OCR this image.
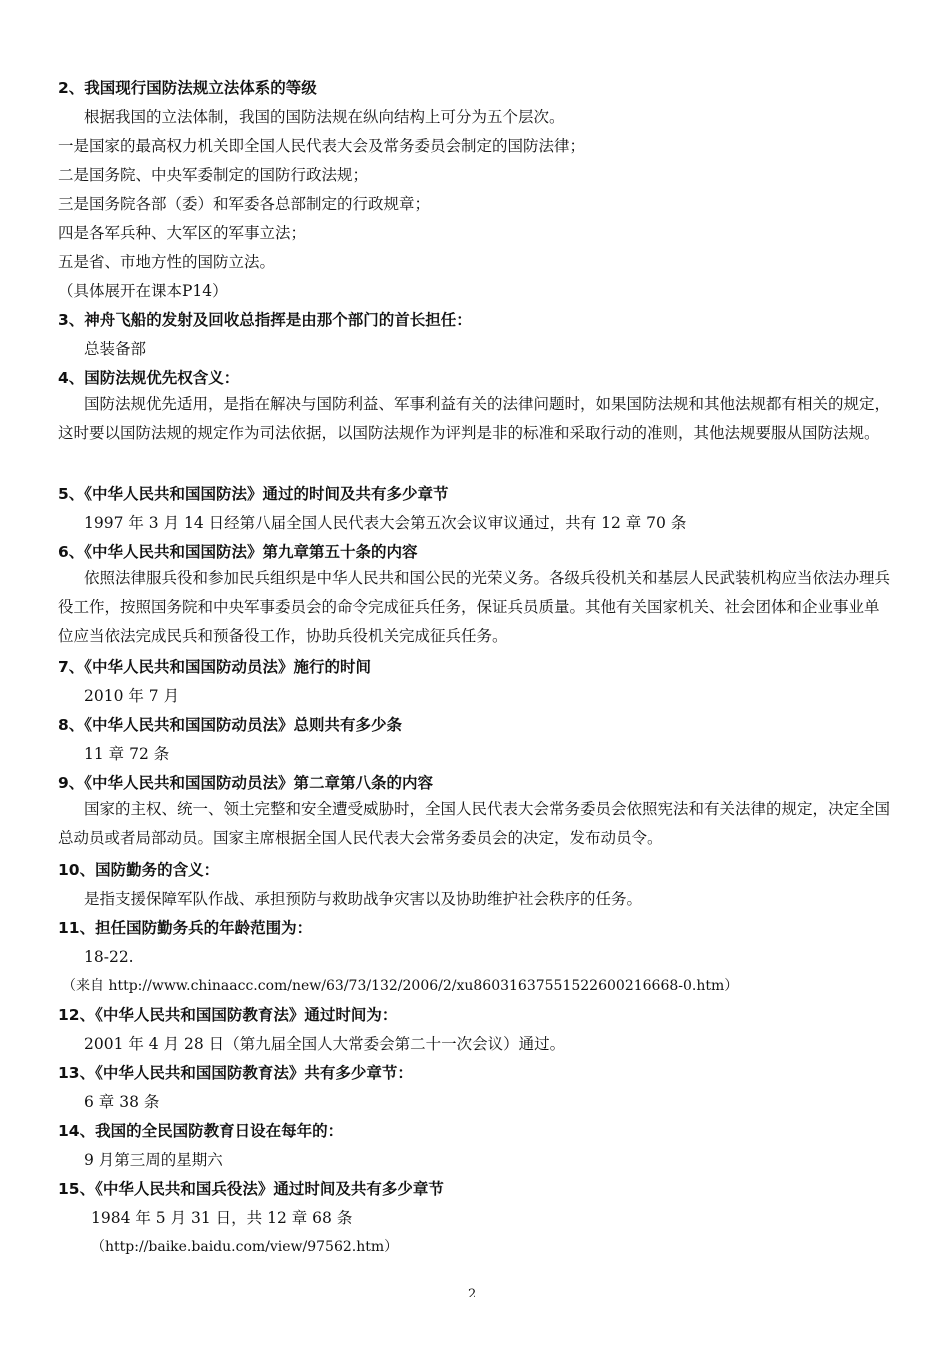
2、我国现行国防法规立法体系的等级
根据我国的立法体制，我国的国防法规在纵向结构上可分为五个层次。
一是国家的最高权力机关即全国人民代表大会及常务委员会制定的国防法律；
二是国务院、中央军委制定的国防行政法规；
三是国务院各部（委）和军委各总部制定的行政规章；
四是各军兵种、大军区的军事立法；
五是省、市地方性的国防立法。
（具体展开在课本P14）
3、神舟飞船的发射及回收总指挥是由那个部门的首长担任：
总装备部
4、国防法规优先权含义：
国防法规优先适用，是指在解决与国防利益、军事利益有关的法律问题时，如果国防法规和其他法规都有相关的规定，这时要以国防法规的规定作为司法依据，以国防法规作为评判是非的标准和采取行动的准则，其他法规要服从国防法规。
5、《中华人民共和国国防法》通过的时间及共有多少章节
1997 年 3 月 14 日经第八届全国人民代表大会第五次会议审议通过，共有 12 章 70 条
6、《中华人民共和国国防法》第九章第五十条的内容
依照法律服兵役和参加民兵组织是中华人民共和国公民的光荣义务。各级兵役机关和基层人民武装机构应当依法办理兵役工作，按照国务院和中央军事委员会的命令完成征兵任务，保证兵员质量。其他有关国家机关、社会团体和企业事业单位应当依法完成民兵和预备役工作，协助兵役机关完成征兵任务。
7、《中华人民共和国国防动员法》施行的时间
2010 年 7 月
8、《中华人民共和国国防动员法》总则共有多少条
11 章 72 条
9、《中华人民共和国国防动员法》第二章第八条的内容
国家的主权、统一、领土完整和安全遭受威胁时，全国人民代表大会常务委员会依照宪法和有关法律的规定，决定全国总动员或者局部动员。国家主席根据全国人民代表大会常务委员会的决定，发布动员令。
10、国防勤务的含义：
是指支援保障军队作战、承担预防与救助战争灾害以及协助维护社会秩序的任务。
11、担任国防勤务兵的年龄范围为：
18-22.
（来自 http://www.chinaacc.com/new/63/73/132/2006/2/xu8603163755152260021666​8-0.htm）
12、《中华人民共和国国防教育法》通过时间为：
2001 年 4 月 28 日（第九届全国人大常委会第二十一次会议）通过。
13、《中华人民共和国国防教育法》共有多少章节：
6 章 38 条
14、我国的全民国防教育日设在每年的：
9 月第三周的星期六
15、《中华人民共和国兵役法》通过时间及共有多少章节
1984 年 5 月 31 日，共 12 章 68 条
（http://baike.baidu.com/view/97562.htm）
2
